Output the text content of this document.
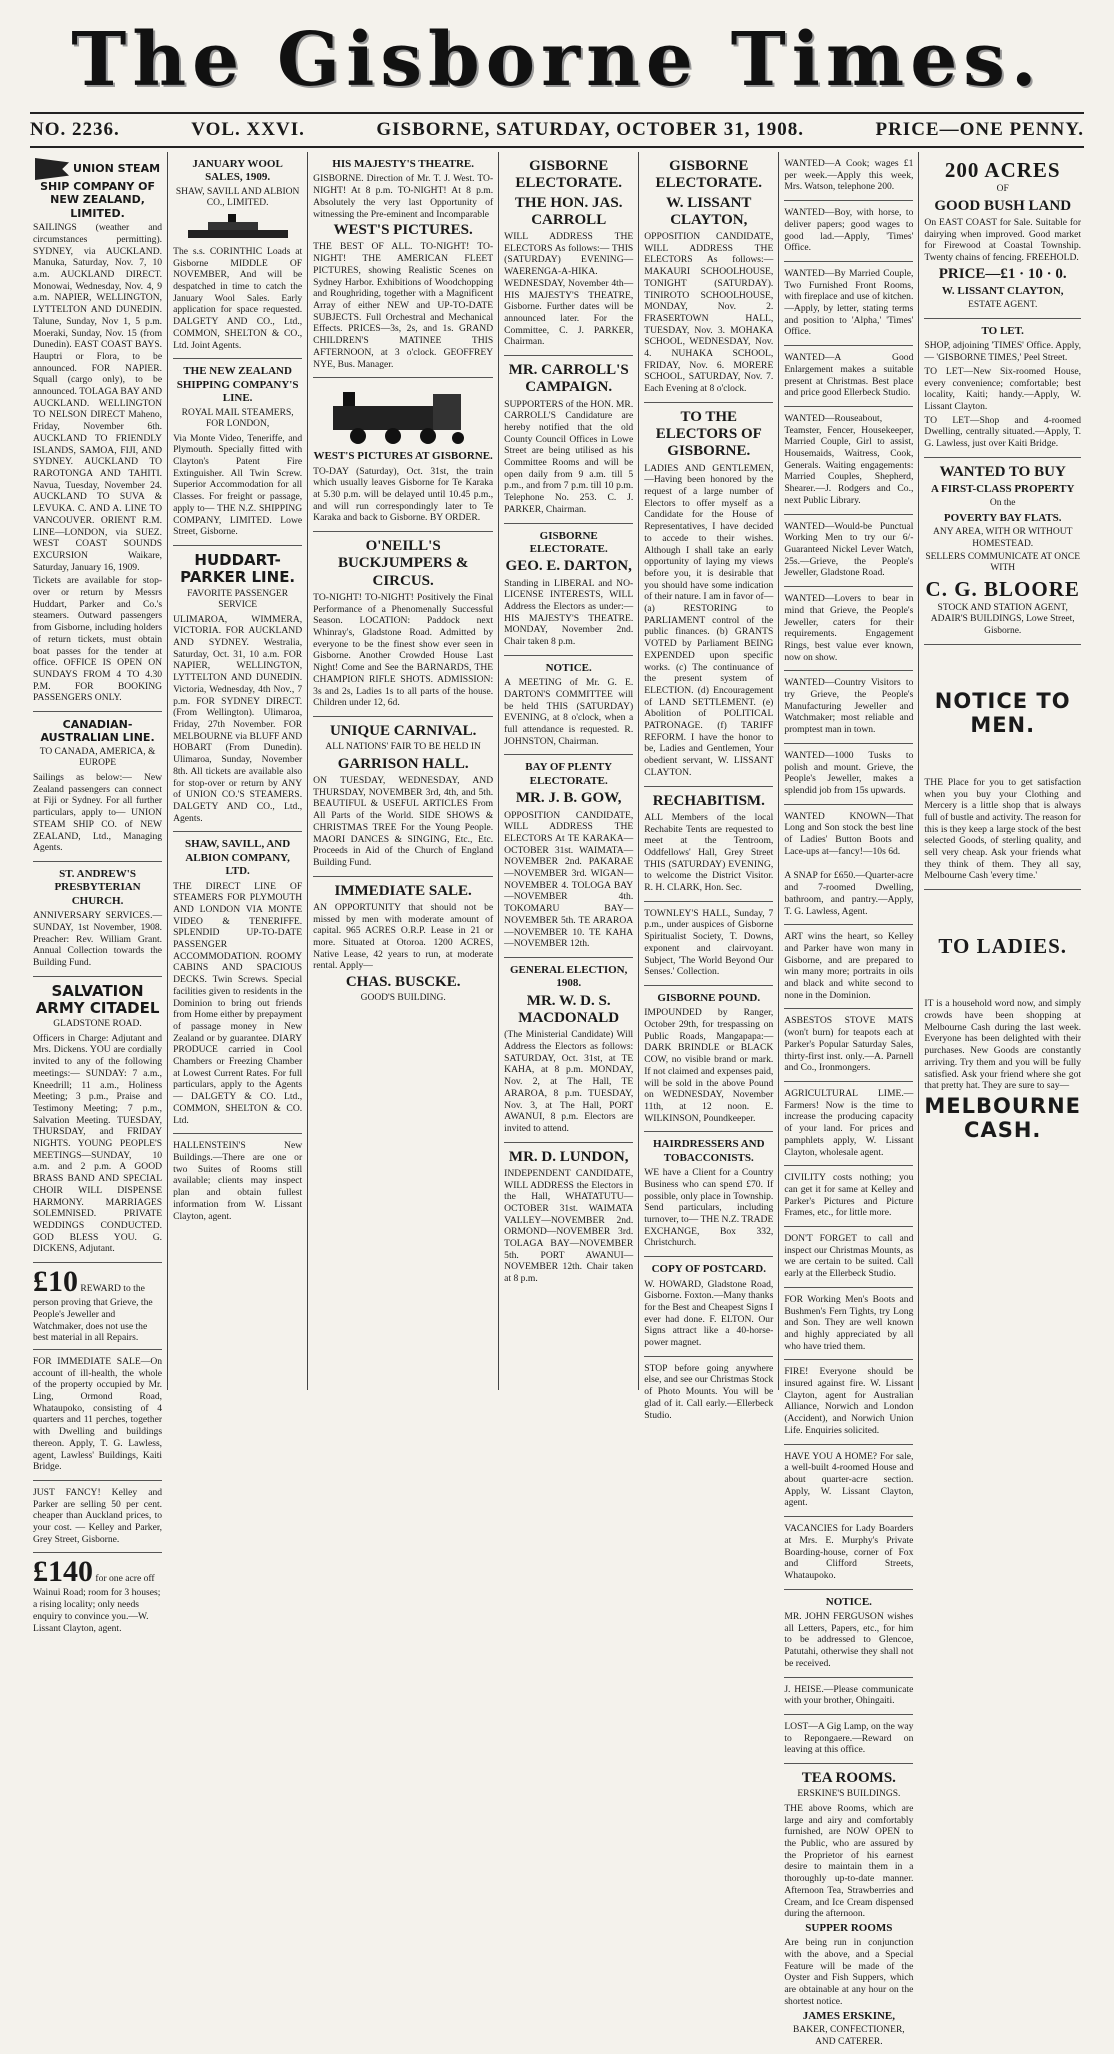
The Gisborne Times.
NO. 2236.	VOL. XXVI.	GISBORNE, SATURDAY, OCTOBER 31, 1908.	PRICE—ONE PENNY.
UNION STEAM SHIP COMPANY OF NEW ZEALAND, LIMITED.
SAILINGS (weather and circumstances permitting). SYDNEY, via AUCKLAND. Manuka, Saturday, Nov. 7, 10 a.m. AUCKLAND DIRECT. Monowai, Wednesday, Nov. 4, 9 a.m. NAPIER, WELLINGTON, LYTTELTON AND DUNEDIN. Talune, Sunday, Nov 1, 5 p.m. Moeraki, Sunday, Nov. 15 (from Dunedin). EAST COAST BAYS. Hauptri or Flora, to be announced. FOR NAPIER. Squall (cargo only), to be announced. TOLAGA BAY AND AUCKLAND. WELLINGTON TO NELSON DIRECT Maheno, Friday, November 6th. AUCKLAND TO FRIENDLY ISLANDS, SAMOA, FIJI, AND SYDNEY. AUCKLAND TO RAROTONGA AND TAHITI. Navua, Tuesday, November 24. AUCKLAND TO SUVA & LEVUKA. C. AND A. LINE TO VANCOUVER. ORIENT R.M. LINE—LONDON, via SUEZ. WEST COAST SOUNDS EXCURSION Waikare, Saturday, January 16, 1909.
Tickets are available for stop-over or return by Messrs Huddart, Parker and Co.'s steamers. Outward passengers from Gisborne, including holders of return tickets, must obtain boat passes for the tender at office. OFFICE IS OPEN ON SUNDAYS FROM 4 TO 4.30 P.M. FOR BOOKING PASSENGERS ONLY.
CANADIAN-AUSTRALIAN LINE.
TO CANADA, AMERICA, & EUROPE
Sailings as below:— New Zealand passengers can connect at Fiji or Sydney. For all further particulars, apply to— UNION STEAM SHIP CO. of NEW ZEALAND, Ltd., Managing Agents.
ST. ANDREW'S PRESBYTERIAN CHURCH.
ANNIVERSARY SERVICES.—SUNDAY, 1st November, 1908. Preacher: Rev. William Grant. Annual Collection towards the Building Fund.
SALVATION ARMY CITADEL
GLADSTONE ROAD.
Officers in Charge: Adjutant and Mrs. Dickens. YOU are cordially invited to any of the following meetings:— SUNDAY: 7 a.m., Kneedrill; 11 a.m., Holiness Meeting; 3 p.m., Praise and Testimony Meeting; 7 p.m., Salvation Meeting. TUESDAY, THURSDAY, and FRIDAY NIGHTS. YOUNG PEOPLE'S MEETINGS—SUNDAY, 10 a.m. and 2 p.m. A GOOD BRASS BAND AND SPECIAL CHOIR WILL DISPENSE HARMONY. MARRIAGES SOLEMNISED. PRIVATE WEDDINGS CONDUCTED. GOD BLESS YOU. G. DICKENS, Adjutant.
£10 REWARD to the person proving that Grieve, the People's Jeweller and Watchmaker, does not use the best material in all Repairs.
FOR IMMEDIATE SALE—On account of ill-health, the whole of the property occupied by Mr. Ling, Ormond Road, Whataupoko, consisting of 4 quarters and 11 perches, together with Dwelling and buildings thereon. Apply, T. G. Lawless, agent, Lawless' Buildings, Kaiti Bridge.
JUST FANCY! Kelley and Parker are selling 50 per cent. cheaper than Auckland prices, to your cost. — Kelley and Parker, Grey Street, Gisborne.
£140 for one acre off Wainui Road; room for 3 houses; a rising locality; only needs enquiry to convince you.—W. Lissant Clayton, agent.
JANUARY WOOL SALES, 1909.
SHAW, SAVILL AND ALBION CO., LIMITED.
The s.s. CORINTHIC Loads at Gisborne MIDDLE OF NOVEMBER, And will be despatched in time to catch the January Wool Sales. Early application for space requested. DALGETY AND CO., Ltd., COMMON, SHELTON & CO., Ltd. Joint Agents.
THE NEW ZEALAND SHIPPING COMPANY'S LINE.
ROYAL MAIL STEAMERS, FOR LONDON,
Via Monte Video, Teneriffe, and Plymouth. Specially fitted with Clayton's Patent Fire Extinguisher. All Twin Screw. Superior Accommodation for all Classes. For freight or passage, apply to— THE N.Z. SHIPPING COMPANY, LIMITED. Lowe Street, Gisborne.
HUDDART-PARKER LINE.
FAVORITE PASSENGER SERVICE
ULIMAROA, WIMMERA, VICTORIA. FOR AUCKLAND AND SYDNEY. Westralia, Saturday, Oct. 31, 10 a.m. FOR NAPIER, WELLINGTON, LYTTELTON AND DUNEDIN. Victoria, Wednesday, 4th Nov., 7 p.m. FOR SYDNEY DIRECT. (From Wellington). Ulimaroa, Friday, 27th November. FOR MELBOURNE via BLUFF AND HOBART (From Dunedin). Ulimaroa, Sunday, November 8th. All tickets are available also for stop-over or return by ANY of UNION CO.'S STEAMERS. DALGETY AND CO., Ltd., Agents.
SHAW, SAVILL, AND ALBION COMPANY, LTD.
THE DIRECT LINE OF STEAMERS FOR PLYMOUTH AND LONDON VIA MONTE VIDEO & TENERIFFE. SPLENDID UP-TO-DATE PASSENGER ACCOMMODATION. ROOMY CABINS AND SPACIOUS DECKS. Twin Screws. Special facilities given to residents in the Dominion to bring out friends from Home either by prepayment of passage money in New Zealand or by guarantee. DIARY PRODUCE carried in Cool Chambers or Freezing Chamber at Lowest Current Rates. For full particulars, apply to the Agents— DALGETY & CO. Ltd., COMMON, SHELTON & CO. Ltd.
HALLENSTEIN'S New Buildings.—There are one or two Suites of Rooms still available; clients may inspect plan and obtain fullest information from W. Lissant Clayton, agent.
HIS MAJESTY'S THEATRE.
GISBORNE. Direction of Mr. T. J. West. TO-NIGHT! At 8 p.m. TO-NIGHT! At 8 p.m. Absolutely the very last Opportunity of witnessing the Pre-eminent and Incomparable
WEST'S PICTURES.
THE BEST OF ALL. TO-NIGHT! TO-NIGHT! THE AMERICAN FLEET PICTURES, showing Realistic Scenes on Sydney Harbor. Exhibitions of Woodchopping and Roughriding, together with a Magnificent Array of either NEW and UP-TO-DATE SUBJECTS. Full Orchestral and Mechanical Effects. PRICES—3s, 2s, and 1s. GRAND CHILDREN'S MATINEE THIS AFTERNOON, at 3 o'clock. GEOFFREY NYE, Bus. Manager.
WEST'S PICTURES AT GISBORNE.
TO-DAY (Saturday), Oct. 31st, the train which usually leaves Gisborne for Te Karaka at 5.30 p.m. will be delayed until 10.45 p.m., and will run correspondingly later to Te Karaka and back to Gisborne. BY ORDER.
O'NEILL'S BUCKJUMPERS & CIRCUS.
TO-NIGHT! TO-NIGHT! Positively the Final Performance of a Phenomenally Successful Season. LOCATION: Paddock next Whinray's, Gladstone Road. Admitted by everyone to be the finest show ever seen in Gisborne. Another Crowded House Last Night! Come and See the BARNARDS, THE CHAMPION RIFLE SHOTS. ADMISSION: 3s and 2s, Ladies 1s to all parts of the house. Children under 12, 6d.
UNIQUE CARNIVAL.
ALL NATIONS' FAIR TO BE HELD IN
GARRISON HALL.
ON TUESDAY, WEDNESDAY, AND THURSDAY, NOVEMBER 3rd, 4th, and 5th. BEAUTIFUL & USEFUL ARTICLES From All Parts of the World. SIDE SHOWS & CHRISTMAS TREE For the Young People. MAORI DANCES & SINGING, Etc., Etc. Proceeds in Aid of the Church of England Building Fund.
IMMEDIATE SALE.
AN OPPORTUNITY that should not be missed by men with moderate amount of capital. 965 ACRES O.R.P. Lease in 21 or more. Situated at Otoroa. 1200 ACRES, Native Lease, 42 years to run, at moderate rental. Apply—
CHAS. BUSCKE.
GOOD'S BUILDING.
GISBORNE ELECTORATE.
THE HON. JAS. CARROLL
WILL ADDRESS THE ELECTORS As follows:— THIS (SATURDAY) EVENING—WAERENGA-A-HIKA. WEDNESDAY, November 4th—HIS MAJESTY'S THEATRE, Gisborne. Further dates will be announced later. For the Committee, C. J. PARKER, Chairman.
MR. CARROLL'S CAMPAIGN.
SUPPORTERS of the HON. MR. CARROLL'S Candidature are hereby notified that the old County Council Offices in Lowe Street are being utilised as his Committee Rooms and will be open daily from 9 a.m. till 5 p.m., and from 7 p.m. till 10 p.m. Telephone No. 253. C. J. PARKER, Chairman.
GISBORNE ELECTORATE.
GEO. E. DARTON,
Standing in LIBERAL and NO-LICENSE INTERESTS, WILL Address the Electors as under:— HIS MAJESTY'S THEATRE. MONDAY, November 2nd. Chair taken 8 p.m.
NOTICE.
A MEETING of Mr. G. E. DARTON'S COMMITTEE will be held THIS (SATURDAY) EVENING, at 8 o'clock, when a full attendance is requested. R. JOHNSTON, Chairman.
BAY OF PLENTY ELECTORATE.
MR. J. B. GOW,
OPPOSITION CANDIDATE, WILL ADDRESS THE ELECTORS At TE KARAKA—OCTOBER 31st. WAIMATA—NOVEMBER 2nd. PAKARAE—NOVEMBER 3rd. WIGAN—NOVEMBER 4. TOLOGA BAY—NOVEMBER 4th. TOKOMARU BAY—NOVEMBER 5th. TE ARAROA—NOVEMBER 10. TE KAHA—NOVEMBER 12th.
GENERAL ELECTION, 1908.
MR. W. D. S. MACDONALD
(The Ministerial Candidate) Will Address the Electors as follows: SATURDAY, Oct. 31st, at TE KAHA, at 8 p.m. MONDAY, Nov. 2, at The Hall, TE ARAROA, 8 p.m. TUESDAY, Nov. 3, at The Hall, PORT AWANUI, 8 p.m. Electors are invited to attend.
MR. D. LUNDON,
INDEPENDENT CANDIDATE, WILL ADDRESS the Electors in the Hall, WHATATUTU—OCTOBER 31st. WAIMATA VALLEY—NOVEMBER 2nd. ORMOND—NOVEMBER 3rd. TOLAGA BAY—NOVEMBER 5th. PORT AWANUI—NOVEMBER 12th. Chair taken at 8 p.m.
GISBORNE ELECTORATE.
W. LISSANT CLAYTON,
OPPOSITION CANDIDATE, WILL ADDRESS THE ELECTORS As follows:— MAKAURI SCHOOLHOUSE, TONIGHT (SATURDAY). TINIROTO SCHOOLHOUSE, MONDAY, Nov. 2. FRASERTOWN HALL, TUESDAY, Nov. 3. MOHAKA SCHOOL, WEDNESDAY, Nov. 4. NUHAKA SCHOOL, FRIDAY, Nov. 6. MORERE SCHOOL, SATURDAY, Nov. 7. Each Evening at 8 o'clock.
TO THE ELECTORS OF GISBORNE.
LADIES AND GENTLEMEN,—Having been honored by the request of a large number of Electors to offer myself as a Candidate for the House of Representatives, I have decided to accede to their wishes. Although I shall take an early opportunity of laying my views before you, it is desirable that you should have some indication of their nature. I am in favor of— (a) RESTORING to PARLIAMENT control of the public finances. (b) GRANTS VOTED by Parliament BEING EXPENDED upon specific works. (c) The continuance of the present system of ELECTION. (d) Encouragement of LAND SETTLEMENT. (e) Abolition of POLITICAL PATRONAGE. (f) TARIFF REFORM. I have the honor to be, Ladies and Gentlemen, Your obedient servant, W. LISSANT CLAYTON.
RECHABITISM.
ALL Members of the local Rechabite Tents are requested to meet at the Tentroom, Oddfellows' Hall, Grey Street THIS (SATURDAY) EVENING, to welcome the District Visitor. R. H. CLARK, Hon. Sec.
TOWNLEY'S HALL, Sunday, 7 p.m., under auspices of Gisborne Spiritualist Society, T. Downs, exponent and clairvoyant. Subject, 'The World Beyond Our Senses.' Collection.
GISBORNE POUND.
IMPOUNDED by Ranger, October 29th, for trespassing on Public Roads, Mangapapa:— DARK BRINDLE or BLACK COW, no visible brand or mark. If not claimed and expenses paid, will be sold in the above Pound on WEDNESDAY, November 11th, at 12 noon. E. WILKINSON, Poundkeeper.
HAIRDRESSERS AND TOBACCONISTS.
WE have a Client for a Country Business who can spend £70. If possible, only place in Township. Send particulars, including turnover, to— THE N.Z. TRADE EXCHANGE, Box 332, Christchurch.
COPY OF POSTCARD.
W. HOWARD, Gladstone Road, Gisborne. Foxton.—Many thanks for the Best and Cheapest Signs I ever had done. F. ELTON. Our Signs attract like a 40-horse-power magnet.
STOP before going anywhere else, and see our Christmas Stock of Photo Mounts. You will be glad of it. Call early.—Ellerbeck Studio.
WANTED—A Cook; wages £1 per week.—Apply this week, Mrs. Watson, telephone 200.
WANTED—Boy, with horse, to deliver papers; good wages to good lad.—Apply, 'Times' Office.
WANTED—By Married Couple, Two Furnished Front Rooms, with fireplace and use of kitchen.—Apply, by letter, stating terms and position to 'Alpha,' 'Times' Office.
WANTED—A Good Enlargement makes a suitable present at Christmas. Best place and price good Ellerbeck Studio.
WANTED—Rouseabout, Teamster, Fencer, Housekeeper, Married Couple, Girl to assist, Housemaids, Waitress, Cook, Generals. Waiting engagements: Married Couples, Shepherd, Shearer.—J. Rodgers and Co., next Public Library.
WANTED—Would-be Punctual Working Men to try our 6/- Guaranteed Nickel Lever Watch, 25s.—Grieve, the People's Jeweller, Gladstone Road.
WANTED—Lovers to bear in mind that Grieve, the People's Jeweller, caters for their requirements. Engagement Rings, best value ever known, now on show.
WANTED—Country Visitors to try Grieve, the People's Manufacturing Jeweller and Watchmaker; most reliable and promptest man in town.
WANTED—1000 Tusks to polish and mount. Grieve, the People's Jeweller, makes a splendid job from 15s upwards.
WANTED KNOWN—That Long and Son stock the best line of Ladies' Button Boots and Lace-ups at—fancy!—10s 6d.
A SNAP for £650.—Quarter-acre and 7-roomed Dwelling, bathroom, and pantry.—Apply, T. G. Lawless, Agent.
ART wins the heart, so Kelley and Parker have won many in Gisborne, and are prepared to win many more; portraits in oils and black and white second to none in the Dominion.
ASBESTOS STOVE MATS (won't burn) for teapots each at Parker's Popular Saturday Sales, thirty-first inst. only.—A. Parnell and Co., Ironmongers.
AGRICULTURAL LIME.—Farmers! Now is the time to increase the producing capacity of your land. For prices and pamphlets apply, W. Lissant Clayton, wholesale agent.
CIVILITY costs nothing; you can get it for same at Kelley and Parker's Pictures and Picture Frames, etc., for little more.
DON'T FORGET to call and inspect our Christmas Mounts, as we are certain to be suited. Call early at the Ellerbeck Studio.
FOR Working Men's Boots and Bushmen's Fern Tights, try Long and Son. They are well known and highly appreciated by all who have tried them.
FIRE! Everyone should be insured against fire. W. Lissant Clayton, agent for Australian Alliance, Norwich and London (Accident), and Norwich Union Life. Enquiries solicited.
HAVE YOU A HOME? For sale, a well-built 4-roomed House and about quarter-acre section. Apply, W. Lissant Clayton, agent.
VACANCIES for Lady Boarders at Mrs. E. Murphy's Private Boarding-house, corner of Fox and Clifford Streets, Whataupoko.
NOTICE.
MR. JOHN FERGUSON wishes all Letters, Papers, etc., for him to be addressed to Glencoe, Patutahi, otherwise they shall not be received.
J. HEISE.—Please communicate with your brother, Ohingaiti.
LOST—A Gig Lamp, on the way to Repongaere.—Reward on leaving at this office.
TEA ROOMS.
ERSKINE'S BUILDINGS.
THE above Rooms, which are large and airy and comfortably furnished, are NOW OPEN to the Public, who are assured by the Proprietor of his earnest desire to maintain them in a thoroughly up-to-date manner. Afternoon Tea, Strawberries and Cream, and Ice Cream dispensed during the afternoon.
SUPPER ROOMS
Are being run in conjunction with the above, and a Special Feature will be made of the Oyster and Fish Suppers, which are obtainable at any hour on the shortest notice.
JAMES ERSKINE,
BAKER, CONFECTIONER, AND CATERER.
200 ACRES
OF
GOOD BUSH LAND
On EAST COAST for Sale. Suitable for dairying when improved. Good market for Firewood at Coastal Township. Twenty chains of fencing. FREEHOLD.
PRICE—£1 · 10 · 0.
W. LISSANT CLAYTON,
ESTATE AGENT.
TO LET.
SHOP, adjoining 'TIMES' Office. Apply,— 'GISBORNE TIMES,' Peel Street.
TO LET—New Six-roomed House, every convenience; comfortable; best locality, Kaiti; handy.—Apply, W. Lissant Clayton.
TO LET—Shop and 4-roomed Dwelling, centrally situated.—Apply, T. G. Lawless, just over Kaiti Bridge.
WANTED TO BUY
A FIRST-CLASS PROPERTY
On the
POVERTY BAY FLATS.
ANY AREA, WITH OR WITHOUT HOMESTEAD.
SELLERS COMMUNICATE AT ONCE WITH
C. G. BLOORE
STOCK AND STATION AGENT, ADAIR'S BUILDINGS, Lowe Street, Gisborne.
NOTICE TO MEN.
THE Place for you to get satisfaction when you buy your Clothing and Mercery is a little shop that is always full of bustle and activity. The reason for this is they keep a large stock of the best selected Goods, of sterling quality, and sell very cheap. Ask your friends what they think of them. They all say, Melbourne Cash 'every time.'
TO LADIES.
IT is a household word now, and simply crowds have been shopping at Melbourne Cash during the last week. Everyone has been delighted with their purchases. New Goods are constantly arriving. Try them and you will be fully satisfied. Ask your friend where she got that pretty hat. They are sure to say—
MELBOURNE CASH.
